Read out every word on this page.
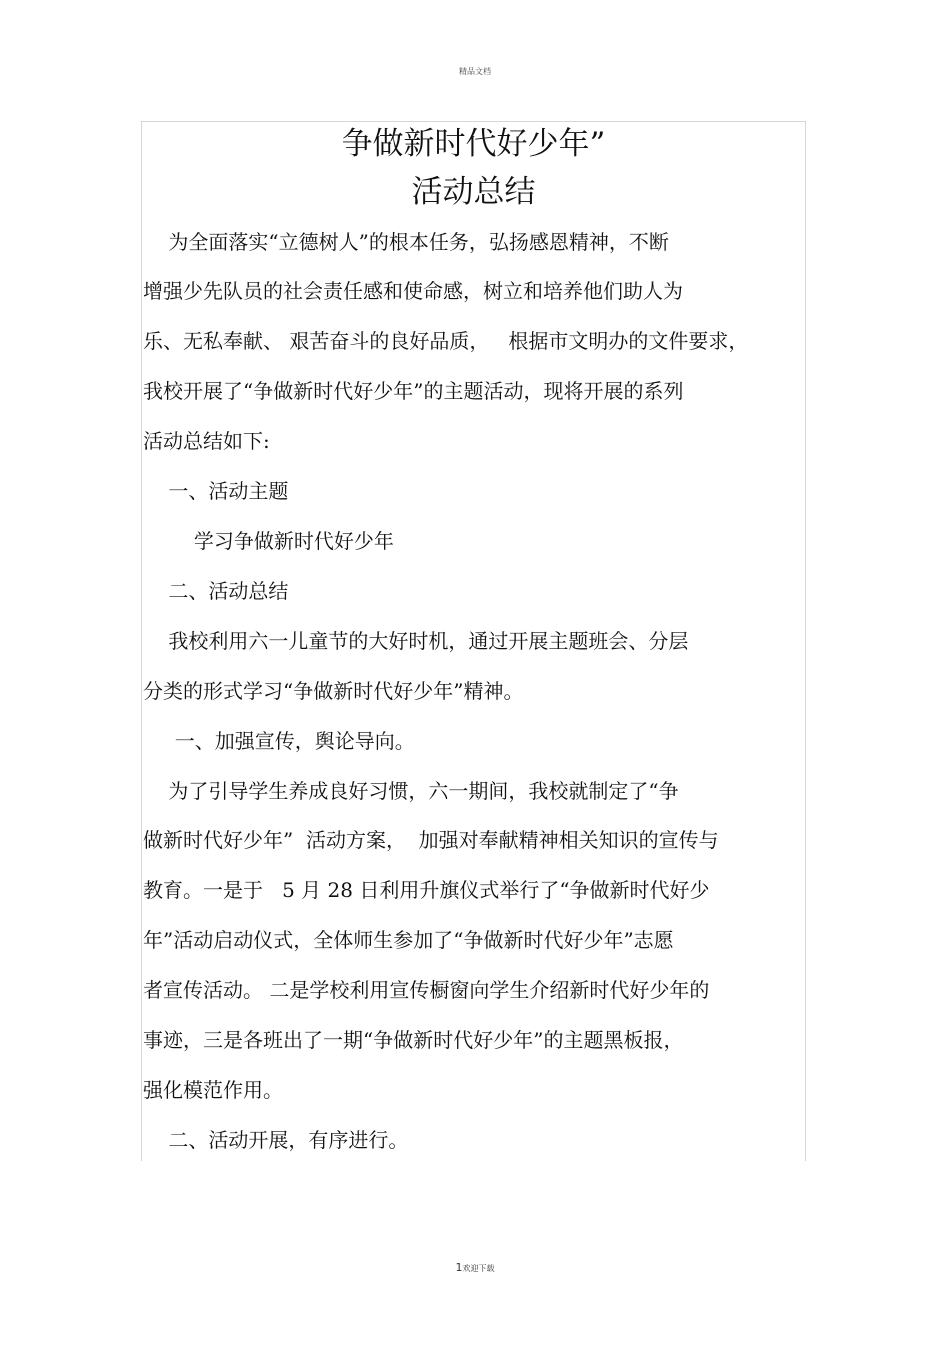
精品文档
争做新时代好少年”
活动总结
为全面落实“立德树人”的根本任务，弘扬感恩精神，不断
增强少先队员的社会责任感和使命感，树立和培养他们助人为
乐、无私奉献、 艰苦奋斗的良好品质，   根据市文明办的文件要求，
我校开展了“争做新时代好少年”的主题活动，现将开展的系列
活动总结如下:
一、活动主题
学习争做新时代好少年
二、活动总结
我校利用六一儿童节的大好时机，通过开展主题班会、分层
分类的形式学习“争做新时代好少年”精神。
一、加强宣传，舆论导向。
为了引导学生养成良好习惯，六一期间，我校就制定了“争
做新时代好少年”  活动方案，  加强对奉献精神相关知识的宣传与
教育。一是于   5 月 28 日利用升旗仪式举行了“争做新时代好少
年”活动启动仪式，全体师生参加了“争做新时代好少年”志愿
者宣传活动。 二是学校利用宣传橱窗向学生介绍新时代好少年的
事迹，三是各班出了一期“争做新时代好少年”的主题黑板报，
强化模范作用。
二、活动开展，有序进行。
1欢迎下载
